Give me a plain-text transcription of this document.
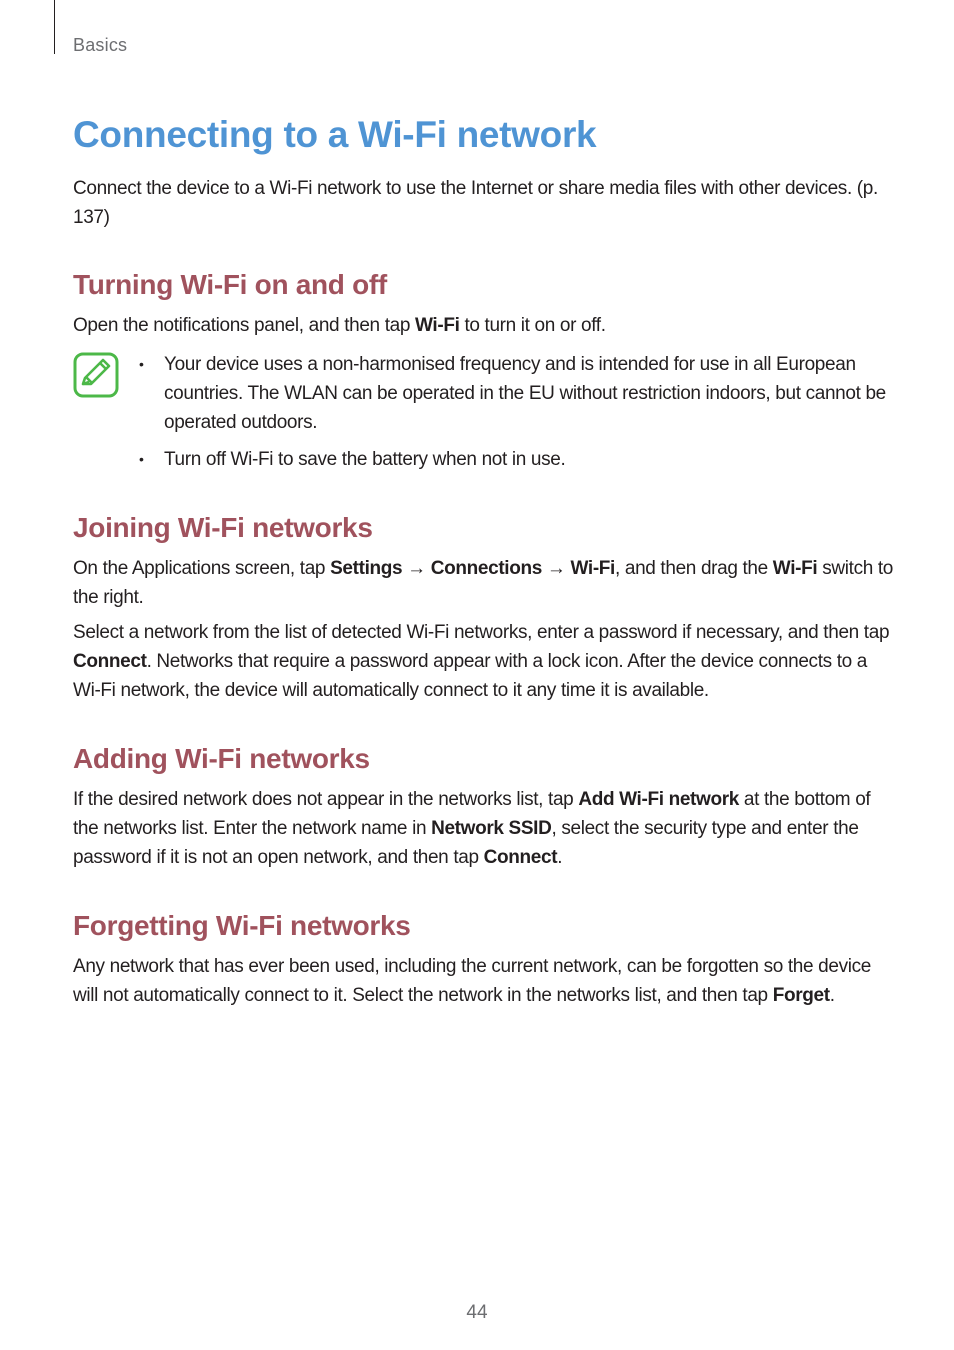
Basics
Connecting to a Wi-Fi network

Connect the device to a Wi-Fi network to use the Internet or share media files with other devices. (p. 137)

Turning Wi-Fi on and off

Open the notifications panel, and then tap Wi-Fi to turn it on or off.

• Your device uses a non-harmonised frequency and is intended for use in all European countries. The WLAN can be operated in the EU without restriction indoors, but cannot be operated outdoors.
• Turn off Wi-Fi to save the battery when not in use.
Joining Wi-Fi networks

On the Applications screen, tap Settings → Connections → Wi-Fi, and then drag the Wi-Fi switch to the right.

Select a network from the list of detected Wi-Fi networks, enter a password if necessary, and then tap Connect. Networks that require a password appear with a lock icon. After the device connects to a Wi-Fi network, the device will automatically connect to it any time it is available.

Adding Wi-Fi networks

If the desired network does not appear in the networks list, tap Add Wi-Fi network at the bottom of the networks list. Enter the network name in Network SSID, select the security type and enter the password if it is not an open network, and then tap Connect.

Forgetting Wi-Fi networks

Any network that has ever been used, including the current network, can be forgotten so the device will not automatically connect to it. Select the network in the networks list, and then tap Forget.

44
